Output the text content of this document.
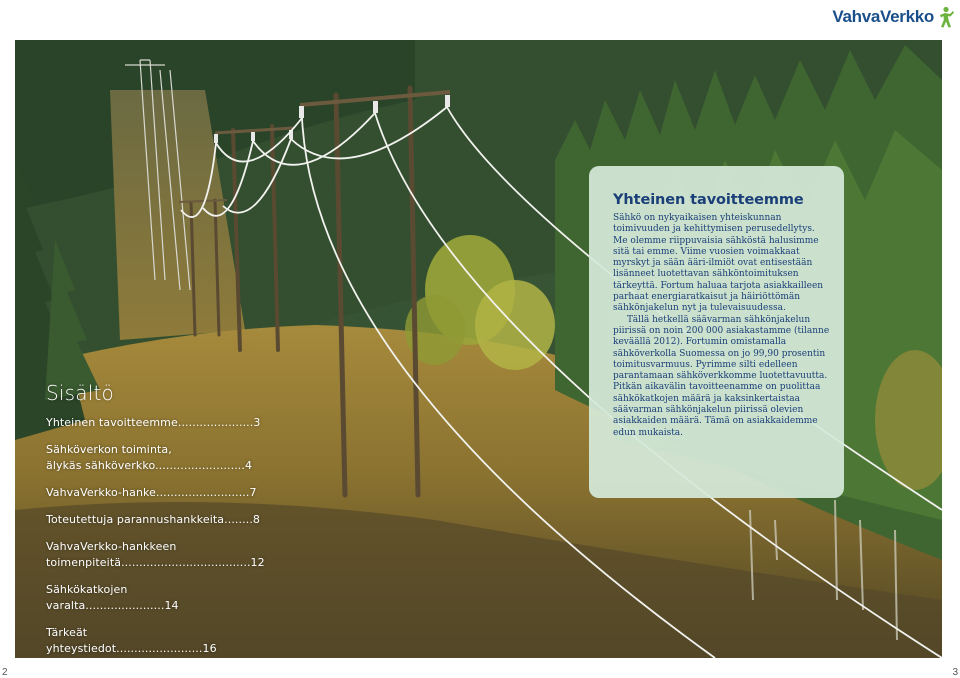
VahvaVerkko
Sisältö
Yhteinen tavoitteemme.....................3
Sähköverkon toiminta,
älykäs sähköverkko.........................4
VahvaVerkko-hanke..........................7
Toteutettuja parannushankkeita........8
VahvaVerkko-hankkeen
toimenpiteitä....................................12
Sähkökatkojen varalta......................14
Tärkeät yhteystiedot........................16
Yhteinen tavoitteemme

Sähkö on nykyaikaisen yhteiskunnan toimivuuden ja kehittymisen perusedellytys. Me olemme riippuvaisia sähköstä halusimme sitä tai emme. Viime vuosien voimakkaat myrskyt ja sään ääri-ilmiöt ovat entisestään lisänneet luotettavan sähköntoimituksen tärkeyttä. Fortum haluaa tarjota asiakkailleen parhaat energiaratkaisut ja häiriöttömän sähkönjakelun nyt ja tulevaisuudessa.

Tällä hetkellä säävarman sähkönjakelun piirissä on noin 200 000 asiakastamme (tilanne keväällä 2012). Fortumin omistamalla sähköverkolla Suomessa on jo 99,90 prosentin toimitusvarmuus. Pyrimme silti edelleen parantamaan sähköverkkomme luotettavuutta. Pitkän aikavälin tavoitteenamme on puolittaa sähkökatkojen määrä ja kaksinkertaistaa säävarman sähkönjakelun piirissä olevien asiakkaiden määrä. Tämä on asiakkaidemme edun mukaista.

2	3
